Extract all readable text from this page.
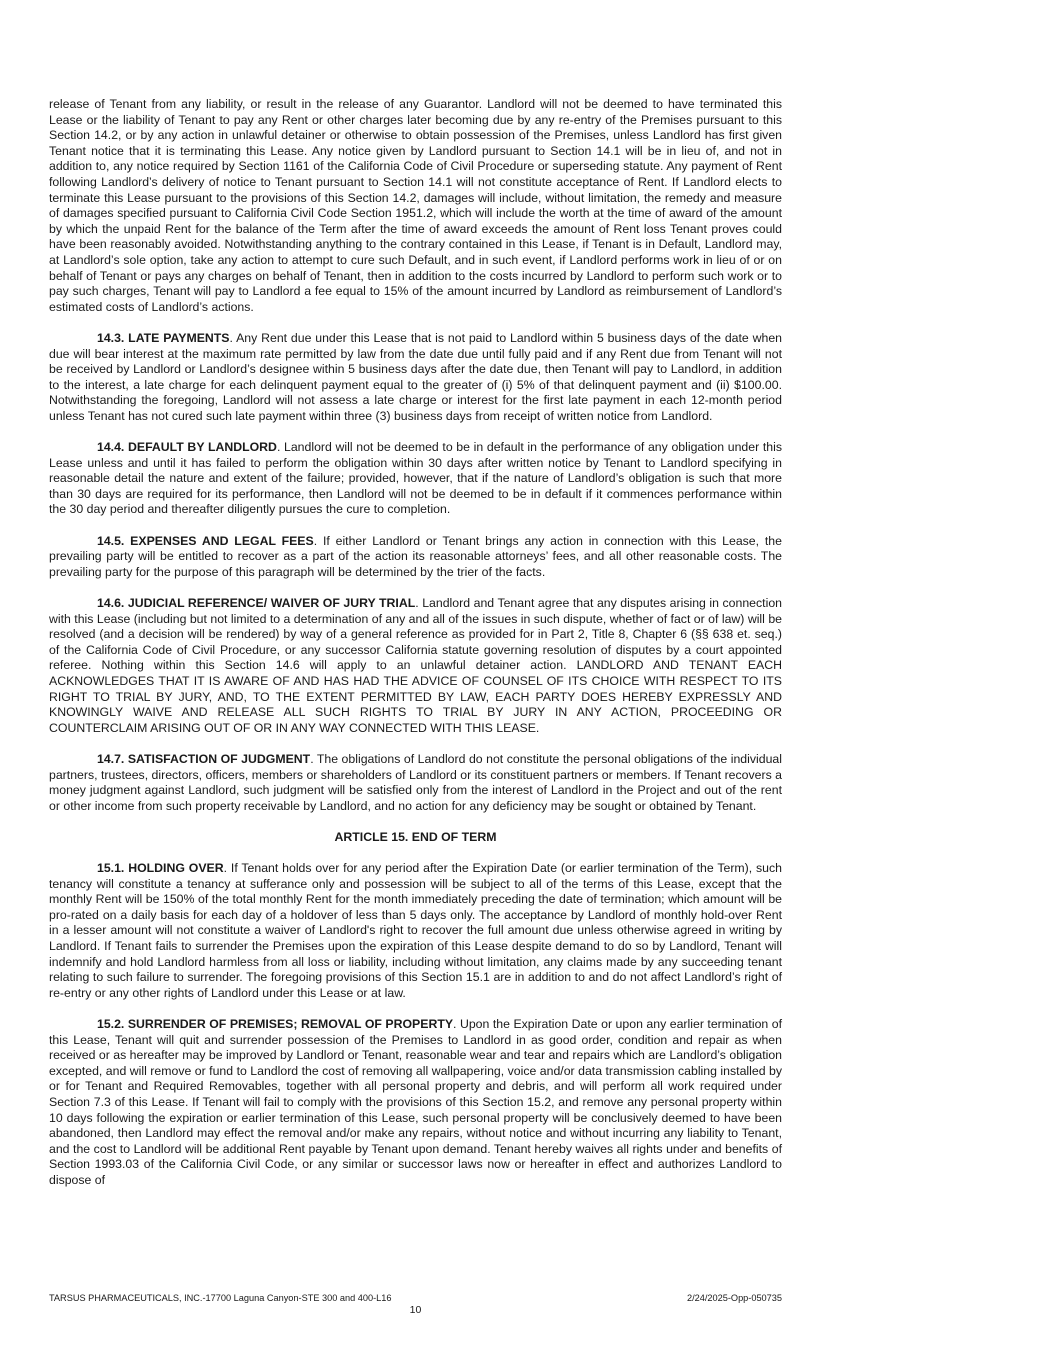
release of Tenant from any liability, or result in the release of any Guarantor. Landlord will not be deemed to have terminated this Lease or the liability of Tenant to pay any Rent or other charges later becoming due by any re-entry of the Premises pursuant to this Section 14.2, or by any action in unlawful detainer or otherwise to obtain possession of the Premises, unless Landlord has first given Tenant notice that it is terminating this Lease. Any notice given by Landlord pursuant to Section 14.1 will be in lieu of, and not in addition to, any notice required by Section 1161 of the California Code of Civil Procedure or superseding statute. Any payment of Rent following Landlord’s delivery of notice to Tenant pursuant to Section 14.1 will not constitute acceptance of Rent. If Landlord elects to terminate this Lease pursuant to the provisions of this Section 14.2, damages will include, without limitation, the remedy and measure of damages specified pursuant to California Civil Code Section 1951.2, which will include the worth at the time of award of the amount by which the unpaid Rent for the balance of the Term after the time of award exceeds the amount of Rent loss Tenant proves could have been reasonably avoided. Notwithstanding anything to the contrary contained in this Lease, if Tenant is in Default, Landlord may, at Landlord’s sole option, take any action to attempt to cure such Default, and in such event, if Landlord performs work in lieu of or on behalf of Tenant or pays any charges on behalf of Tenant, then in addition to the costs incurred by Landlord to perform such work or to pay such charges, Tenant will pay to Landlord a fee equal to 15% of the amount incurred by Landlord as reimbursement of Landlord’s estimated costs of Landlord’s actions.

14.3. LATE PAYMENTS. Any Rent due under this Lease that is not paid to Landlord within 5 business days of the date when due will bear interest at the maximum rate permitted by law from the date due until fully paid and if any Rent due from Tenant will not be received by Landlord or Landlord’s designee within 5 business days after the date due, then Tenant will pay to Landlord, in addition to the interest, a late charge for each delinquent payment equal to the greater of (i) 5% of that delinquent payment and (ii) $100.00. Notwithstanding the foregoing, Landlord will not assess a late charge or interest for the first late payment in each 12-month period unless Tenant has not cured such late payment within three (3) business days from receipt of written notice from Landlord.

14.4. DEFAULT BY LANDLORD. Landlord will not be deemed to be in default in the performance of any obligation under this Lease unless and until it has failed to perform the obligation within 30 days after written notice by Tenant to Landlord specifying in reasonable detail the nature and extent of the failure; provided, however, that if the nature of Landlord’s obligation is such that more than 30 days are required for its performance, then Landlord will not be deemed to be in default if it commences performance within the 30 day period and thereafter diligently pursues the cure to completion.

14.5. EXPENSES AND LEGAL FEES. If either Landlord or Tenant brings any action in connection with this Lease, the prevailing party will be entitled to recover as a part of the action its reasonable attorneys’ fees, and all other reasonable costs. The prevailing party for the purpose of this paragraph will be determined by the trier of the facts.

14.6. JUDICIAL REFERENCE/ WAIVER OF JURY TRIAL. Landlord and Tenant agree that any disputes arising in connection with this Lease (including but not limited to a determination of any and all of the issues in such dispute, whether of fact or of law) will be resolved (and a decision will be rendered) by way of a general reference as provided for in Part 2, Title 8, Chapter 6 (§§ 638 et. seq.) of the California Code of Civil Procedure, or any successor California statute governing resolution of disputes by a court appointed referee. Nothing within this Section 14.6 will apply to an unlawful detainer action. LANDLORD AND TENANT EACH ACKNOWLEDGES THAT IT IS AWARE OF AND HAS HAD THE ADVICE OF COUNSEL OF ITS CHOICE WITH RESPECT TO ITS RIGHT TO TRIAL BY JURY, AND, TO THE EXTENT PERMITTED BY LAW, EACH PARTY DOES HEREBY EXPRESSLY AND KNOWINGLY WAIVE AND RELEASE ALL SUCH RIGHTS TO TRIAL BY JURY IN ANY ACTION, PROCEEDING OR COUNTERCLAIM ARISING OUT OF OR IN ANY WAY CONNECTED WITH THIS LEASE.

14.7. SATISFACTION OF JUDGMENT. The obligations of Landlord do not constitute the personal obligations of the individual partners, trustees, directors, officers, members or shareholders of Landlord or its constituent partners or members. If Tenant recovers a money judgment against Landlord, such judgment will be satisfied only from the interest of Landlord in the Project and out of the rent or other income from such property receivable by Landlord, and no action for any deficiency may be sought or obtained by Tenant.

ARTICLE 15. END OF TERM

15.1. HOLDING OVER. If Tenant holds over for any period after the Expiration Date (or earlier termination of the Term), such tenancy will constitute a tenancy at sufferance only and possession will be subject to all of the terms of this Lease, except that the monthly Rent will be 150% of the total monthly Rent for the month immediately preceding the date of termination; which amount will be pro-rated on a daily basis for each day of a holdover of less than 5 days only. The acceptance by Landlord of monthly hold-over Rent in a lesser amount will not constitute a waiver of Landlord's right to recover the full amount due unless otherwise agreed in writing by Landlord. If Tenant fails to surrender the Premises upon the expiration of this Lease despite demand to do so by Landlord, Tenant will indemnify and hold Landlord harmless from all loss or liability, including without limitation, any claims made by any succeeding tenant relating to such failure to surrender. The foregoing provisions of this Section 15.1 are in addition to and do not affect Landlord’s right of re-entry or any other rights of Landlord under this Lease or at law.

15.2. SURRENDER OF PREMISES; REMOVAL OF PROPERTY. Upon the Expiration Date or upon any earlier termination of this Lease, Tenant will quit and surrender possession of the Premises to Landlord in as good order, condition and repair as when received or as hereafter may be improved by Landlord or Tenant, reasonable wear and tear and repairs which are Landlord’s obligation excepted, and will remove or fund to Landlord the cost of removing all wallpapering, voice and/or data transmission cabling installed by or for Tenant and Required Removables, together with all personal property and debris, and will perform all work required under Section 7.3 of this Lease. If Tenant will fail to comply with the provisions of this Section 15.2, and remove any personal property within 10 days following the expiration or earlier termination of this Lease, such personal property will be conclusively deemed to have been abandoned, then Landlord may effect the removal and/or make any repairs, without notice and without incurring any liability to Tenant, and the cost to Landlord will be additional Rent payable by Tenant upon demand. Tenant hereby waives all rights under and benefits of Section 1993.03 of the California Civil Code, or any similar or successor laws now or hereafter in effect and authorizes Landlord to dispose of

TARSUS PHARMACEUTICALS, INC.-17700 Laguna Canyon-STE 300 and 400-L16	2/24/2025-Opp-050735
10
